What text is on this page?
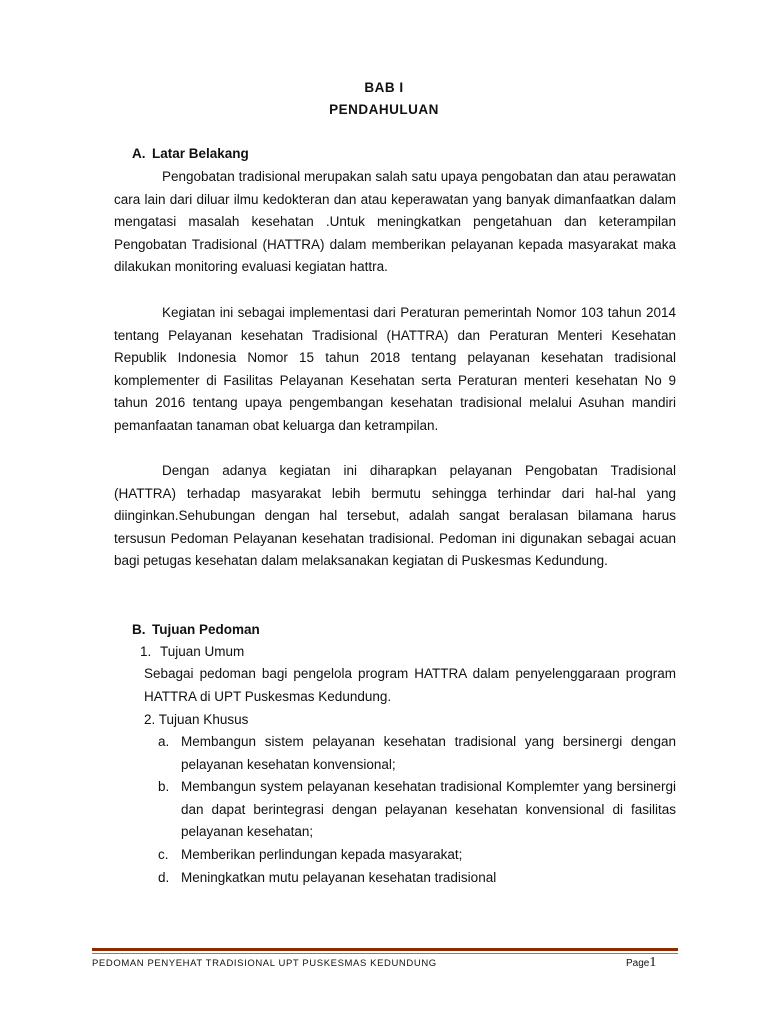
BAB I
PENDAHULUAN
A. Latar Belakang

Pengobatan tradisional merupakan salah satu upaya pengobatan dan atau perawatan cara lain dari diluar ilmu kedokteran dan atau keperawatan yang banyak dimanfaatkan dalam mengatasi masalah kesehatan .Untuk meningkatkan pengetahuan dan keterampilan Pengobatan Tradisional (HATTRA) dalam memberikan pelayanan kepada masyarakat maka dilakukan monitoring evaluasi kegiatan hattra.

Kegiatan ini sebagai implementasi dari Peraturan pemerintah Nomor 103 tahun 2014 tentang Pelayanan kesehatan Tradisional (HATTRA) dan Peraturan Menteri Kesehatan Republik Indonesia Nomor 15 tahun 2018 tentang pelayanan kesehatan tradisional komplementer di Fasilitas Pelayanan Kesehatan serta Peraturan menteri kesehatan No 9 tahun 2016 tentang upaya pengembangan kesehatan tradisional melalui Asuhan mandiri pemanfaatan tanaman obat keluarga dan ketrampilan.

Dengan adanya kegiatan ini diharapkan pelayanan Pengobatan Tradisional (HATTRA) terhadap masyarakat lebih bermutu sehingga terhindar dari hal-hal yang diinginkan.Sehubungan dengan hal tersebut, adalah sangat beralasan bilamana harus tersusun Pedoman Pelayanan kesehatan tradisional. Pedoman ini digunakan sebagai acuan bagi petugas kesehatan dalam melaksanakan kegiatan di Puskesmas Kedundung.

B. Tujuan Pedoman
1. Tujuan Umum

Sebagai pedoman bagi pengelola program HATTRA dalam penyelenggaraan program HATTRA di UPT Puskesmas Kedundung.

2. Tujuan Khusus
a. Membangun sistem pelayanan kesehatan tradisional yang bersinergi dengan pelayanan kesehatan konvensional;
b. Membangun system pelayanan kesehatan tradisional Komplemter yang bersinergi dan dapat berintegrasi dengan pelayanan kesehatan konvensional di fasilitas pelayanan kesehatan;
c. Memberikan perlindungan kepada masyarakat;
d. Meningkatkan mutu pelayanan kesehatan tradisional
PEDOMAN PENYEHAT TRADISIONAL UPT PUSKESMAS KEDUNDUNG	Page1
